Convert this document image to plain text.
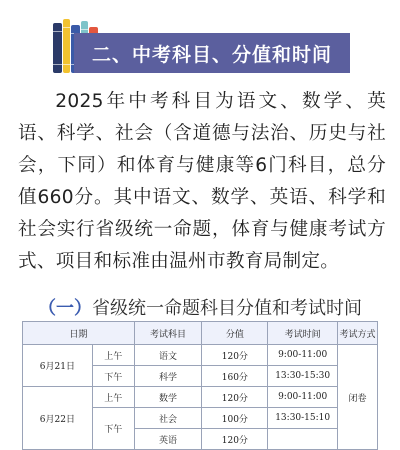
二、中考科目、分值和时间

2025年中考科目为语文、数学、英语、科学、社会（含道德与法治、历史与社会，下同）和体育与健康等6门科目，总分值660分。其中语文、数学、英语、科学和社会实行省级统一命题，体育与健康考试方式、项目和标准由温州市教育局制定。

（一）省级统一命题科目分值和考试时间
日期		考试科目	分值	考试时间	考试方式
6月21日	上午	语文	120分	9:00-11:00	闭卷
	下午	科学	160分	13:30-15:30	
6月22日	上午	数学	120分	9:00-11:00	
	下午	社会	100分	13:30-15:10	
		英语	120分		
